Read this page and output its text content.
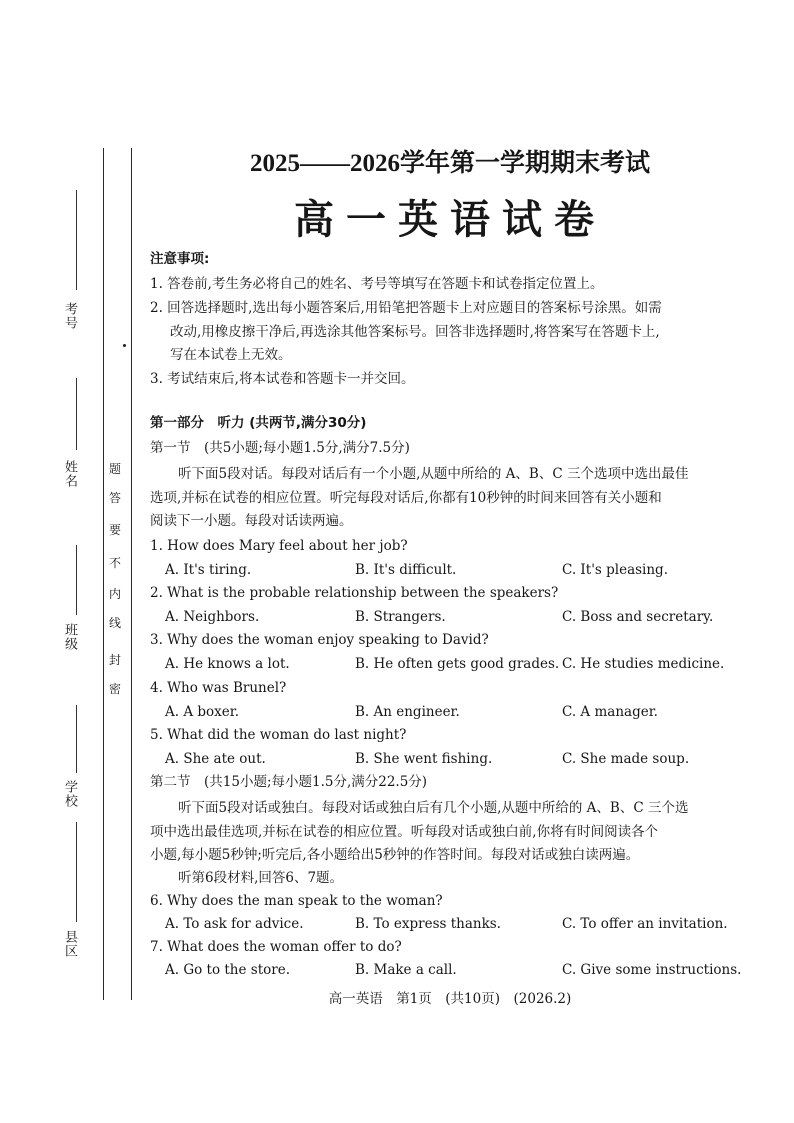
考号
姓名
班级
学校
县区
密
封
线
内
不
要
答
题
2025——2026学年第一学期期末考试
高一英语试卷
注意事项:
1. 答卷前,考生务必将自己的姓名、考号等填写在答题卡和试卷指定位置上。
2. 回答选择题时,选出每小题答案后,用铅笔把答题卡上对应题目的答案标号涂黑。如需
改动,用橡皮擦干净后,再选涂其他答案标号。回答非选择题时,将答案写在答题卡上,
写在本试卷上无效。
3. 考试结束后,将本试卷和答题卡一并交回。
第一部分　听力 (共两节,满分30分)
第一节　(共5小题;每小题1.5分,满分7.5分)
听下面5段对话。每段对话后有一个小题,从题中所给的 A、B、C 三个选项中选出最佳
选项,并标在试卷的相应位置。听完每段对话后,你都有10秒钟的时间来回答有关小题和
阅读下一小题。每段对话读两遍。
1. How does Mary feel about her job?
A. It's tiring.	B. It's difficult.	C. It's pleasing.
2. What is the probable relationship between the speakers?
A. Neighbors.	B. Strangers.	C. Boss and secretary.
3. Why does the woman enjoy speaking to David?
A. He knows a lot.	B. He often gets good grades. C. He studies medicine.
4. Who was Brunel?
A. A boxer.	B. An engineer.	C. A manager.
5. What did the woman do last night?
A. She ate out.	B. She went fishing.	C. She made soup.
第二节　(共15小题;每小题1.5分,满分22.5分)
听下面5段对话或独白。每段对话或独白后有几个小题,从题中所给的 A、B、C 三个选
项中选出最佳选项,并标在试卷的相应位置。听每段对话或独白前,你将有时间阅读各个
小题,每小题5秒钟;听完后,各小题给出5秒钟的作答时间。每段对话或独白读两遍。
听第6段材料,回答6、7题。
6. Why does the man speak to the woman?
A. To ask for advice.	B. To express thanks.	C. To offer an invitation.
7. What does the woman offer to do?
A. Go to the store.	B. Make a call.	C. Give some instructions.
高一英语　第1页　(共10页)　(2026.2)
